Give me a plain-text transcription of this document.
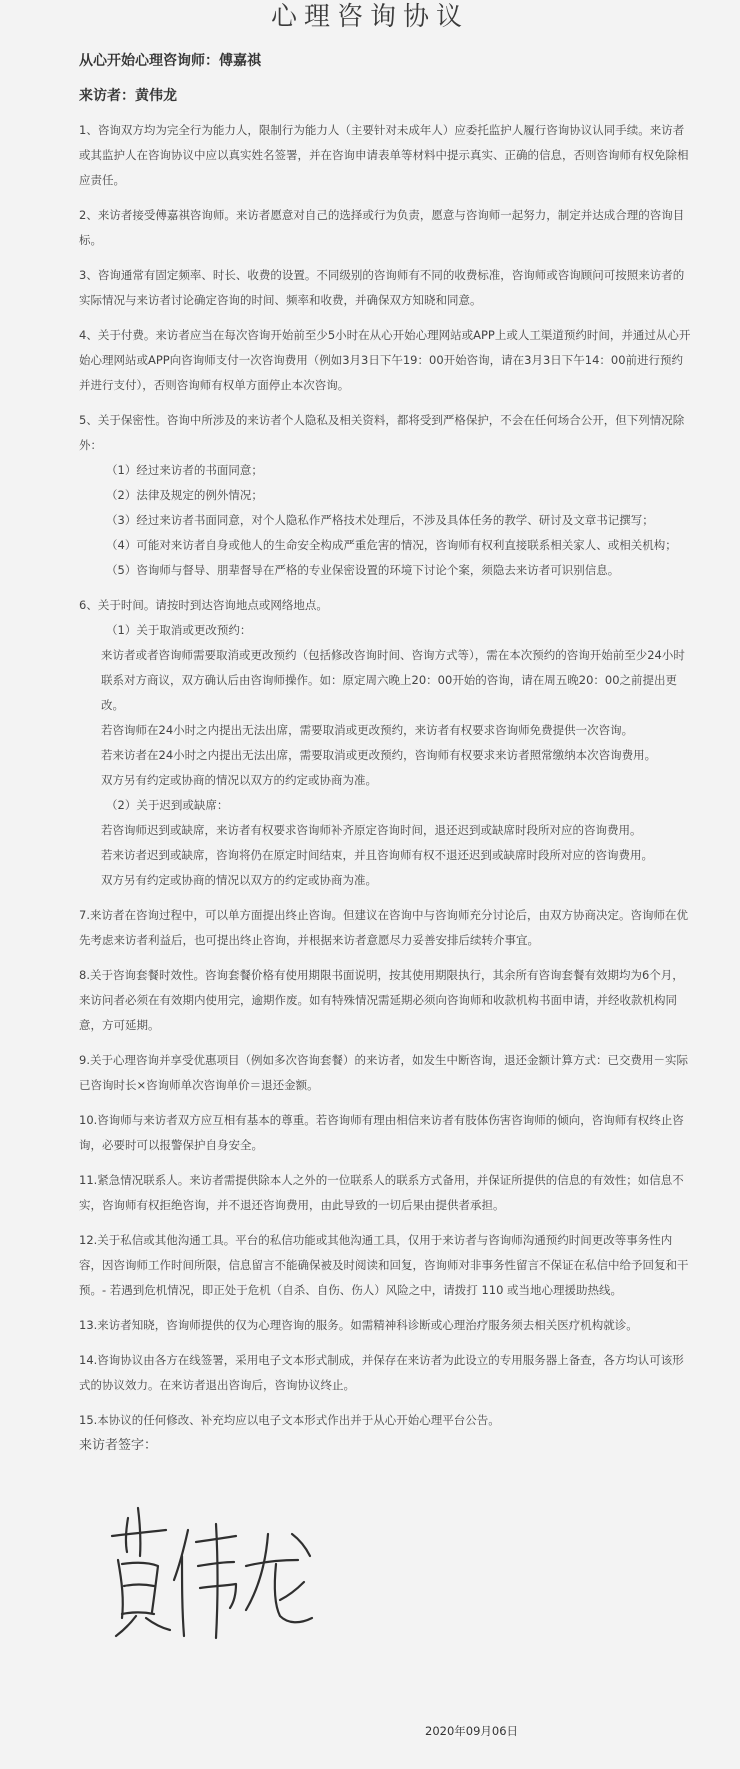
心理咨询协议
从心开始心理咨询师：傅嘉祺
来访者：黄伟龙

1、咨询双方均为完全行为能力人，限制行为能力人（主要针对未成年人）应委托监护人履行咨询协议认同手续。来访者或其监护人在咨询协议中应以真实姓名签署，并在咨询申请表单等材料中提示真实、正确的信息，否则咨询师有权免除相应责任。

2、来访者接受傅嘉祺咨询师。来访者愿意对自己的选择或行为负责，愿意与咨询师一起努力，制定并达成合理的咨询目标。

3、咨询通常有固定频率、时长、收费的设置。不同级别的咨询师有不同的收费标准，咨询师或咨询顾问可按照来访者的实际情况与来访者讨论确定咨询的时间、频率和收费，并确保双方知晓和同意。

4、关于付费。来访者应当在每次咨询开始前至少5小时在从心开始心理网站或APP上或人工渠道预约时间，并通过从心开始心理网站或APP向咨询师支付一次咨询费用（例如3月3日下午19：00开始咨询，请在3月3日下午14：00前进行预约并进行支付），否则咨询师有权单方面停止本次咨询。

5、关于保密性。咨询中所涉及的来访者个人隐私及相关资料，都将受到严格保护，不会在任何场合公开，但下列情况除外：

（1）经过来访者的书面同意；

（2）法律及规定的例外情况；

（3）经过来访者书面同意，对个人隐私作严格技术处理后，不涉及具体任务的教学、研讨及文章书记撰写；

（4）可能对来访者自身或他人的生命安全构成严重危害的情况，咨询师有权利直接联系相关家人、或相关机构；

（5）咨询师与督导、朋辈督导在严格的专业保密设置的环境下讨论个案，须隐去来访者可识别信息。

6、关于时间。请按时到达咨询地点或网络地点。

（1）关于取消或更改预约：

来访者或者咨询师需要取消或更改预约（包括修改咨询时间、咨询方式等），需在本次预约的咨询开始前至少24小时联系对方商议，双方确认后由咨询师操作。如：原定周六晚上20：00开始的咨询，请在周五晚20：00之前提出更改。

若咨询师在24小时之内提出无法出席，需要取消或更改预约，来访者有权要求咨询师免费提供一次咨询。

若来访者在24小时之内提出无法出席，需要取消或更改预约，咨询师有权要求来访者照常缴纳本次咨询费用。

双方另有约定或协商的情况以双方的约定或协商为准。

（2）关于迟到或缺席：

若咨询师迟到或缺席，来访者有权要求咨询师补齐原定咨询时间，退还迟到或缺席时段所对应的咨询费用。

若来访者迟到或缺席，咨询将仍在原定时间结束，并且咨询师有权不退还迟到或缺席时段所对应的咨询费用。

双方另有约定或协商的情况以双方的约定或协商为准。

7.来访者在咨询过程中，可以单方面提出终止咨询。但建议在咨询中与咨询师充分讨论后，由双方协商决定。咨询师在优先考虑来访者利益后，也可提出终止咨询，并根据来访者意愿尽力妥善安排后续转介事宜。

8.关于咨询套餐时效性。咨询套餐价格有使用期限书面说明，按其使用期限执行，其余所有咨询套餐有效期均为6个月，来访问者必须在有效期内使用完，逾期作废。如有特殊情况需延期必须向咨询师和收款机构书面申请，并经收款机构同意，方可延期。

9.关于心理咨询并享受优惠项目（例如多次咨询套餐）的来访者，如发生中断咨询，退还金额计算方式：已交费用－实际已咨询时长×咨询师单次咨询单价＝退还金额。

10.咨询师与来访者双方应互相有基本的尊重。若咨询师有理由相信来访者有肢体伤害咨询师的倾向，咨询师有权终止咨询，必要时可以报警保护自身安全。

11.紧急情况联系人。来访者需提供除本人之外的一位联系人的联系方式备用，并保证所提供的信息的有效性；如信息不实，咨询师有权拒绝咨询，并不退还咨询费用，由此导致的一切后果由提供者承担。

12.关于私信或其他沟通工具。平台的私信功能或其他沟通工具，仅用于来访者与咨询师沟通预约时间更改等事务性内容，因咨询师工作时间所限，信息留言不能确保被及时阅读和回复，咨询师对非事务性留言不保证在私信中给予回复和干预。- 若遇到危机情况，即正处于危机（自杀、自伤、伤人）风险之中，请拨打 110 或当地心理援助热线。

13.来访者知晓，咨询师提供的仅为心理咨询的服务。如需精神科诊断或心理治疗服务须去相关医疗机构就诊。

14.咨询协议由各方在线签署，采用电子文本形式制成，并保存在来访者为此设立的专用服务器上备查，各方均认可该形式的协议效力。在来访者退出咨询后，咨询协议终止。

15.本协议的任何修改、补充均应以电子文本形式作出并于从心开始心理平台公告。

来访者签字：
2020年09月06日
